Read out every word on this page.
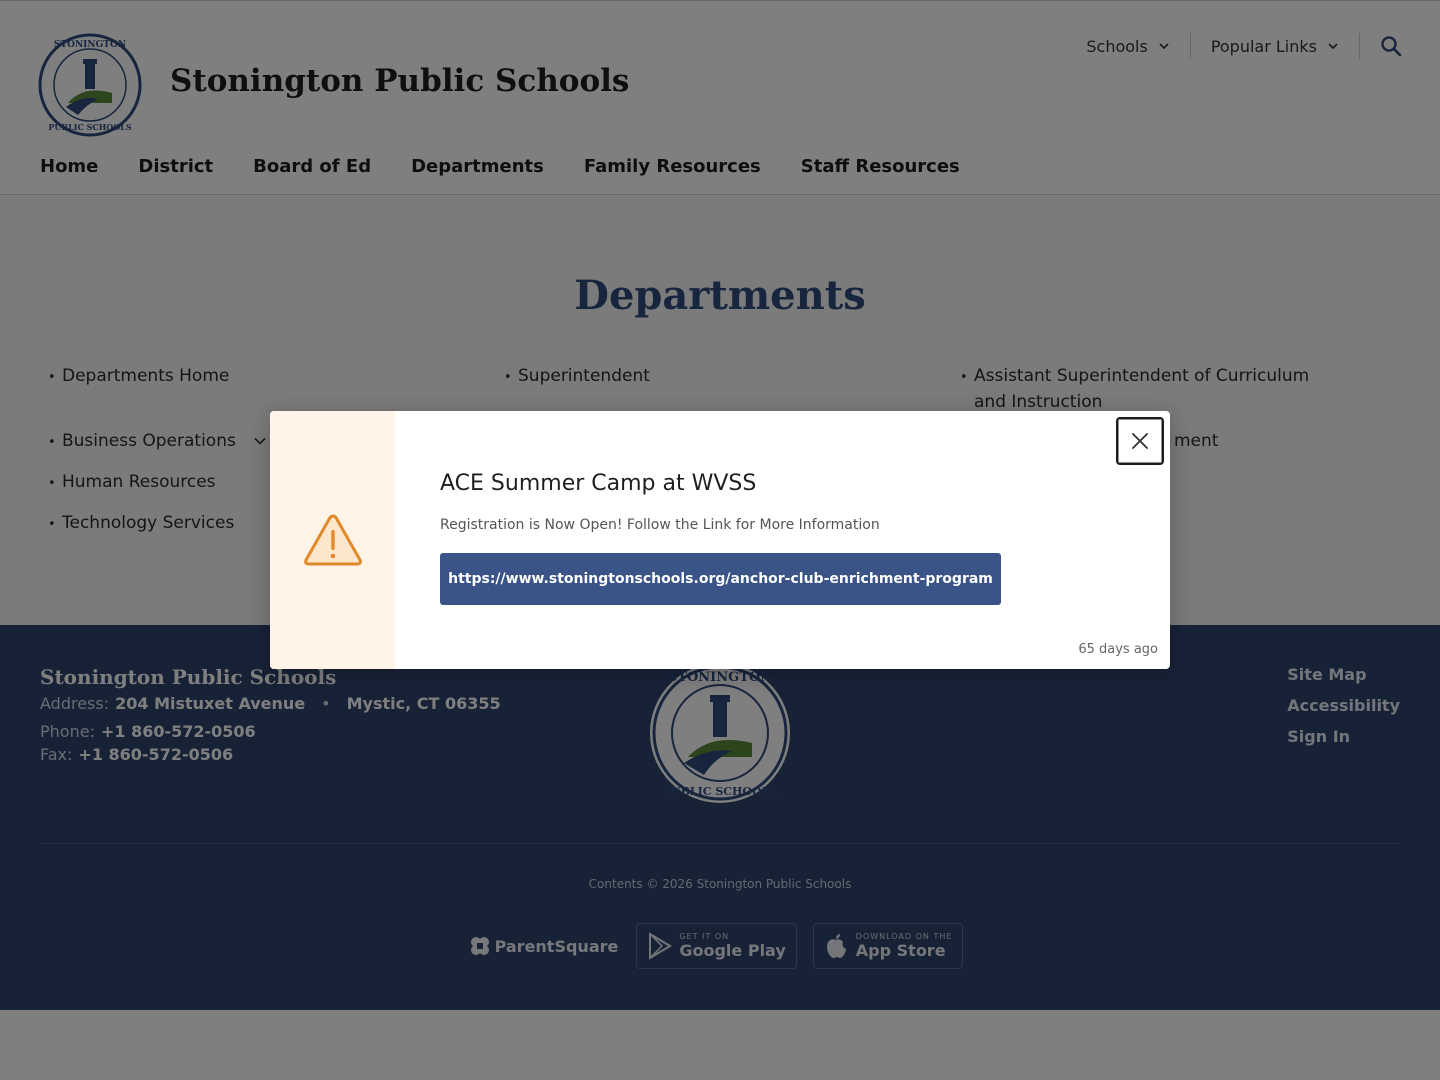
ACE Summer Camp at WVSS
Registration is Now Open! Follow the Link for More Information
https://www.stoningtonschools.org/anchor-club-enrichment-program
65 days ago
